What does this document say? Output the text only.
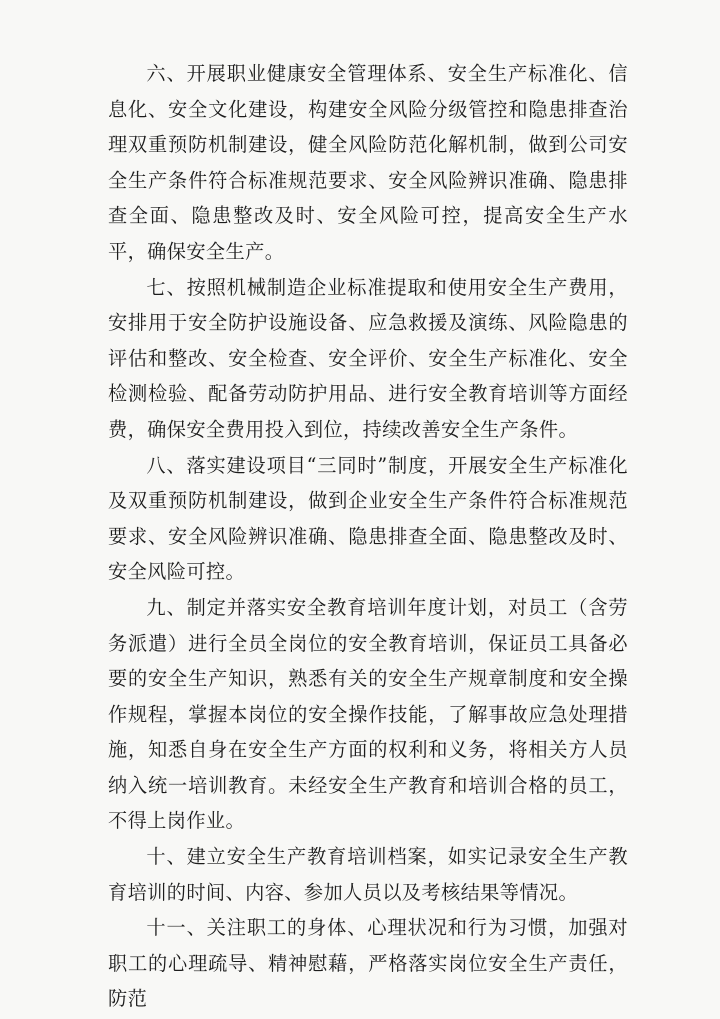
六、开展职业健康安全管理体系、安全生产标准化、信息化、安全文化建设，构建安全风险分级管控和隐患排查治理双重预防机制建设，健全风险防范化解机制，做到公司安全生产条件符合标准规范要求、安全风险辨识准确、隐患排查全面、隐患整改及时、安全风险可控，提高安全生产水平，确保安全生产。

七、按照机械制造企业标准提取和使用安全生产费用，安排用于安全防护设施设备、应急救援及演练、风险隐患的评估和整改、安全检查、安全评价、安全生产标准化、安全检测检验、配备劳动防护用品、进行安全教育培训等方面经费，确保安全费用投入到位，持续改善安全生产条件。

八、落实建设项目“三同时”制度，开展安全生产标准化及双重预防机制建设，做到企业安全生产条件符合标准规范要求、安全风险辨识准确、隐患排查全面、隐患整改及时、安全风险可控。

九、制定并落实安全教育培训年度计划，对员工（含劳务派遣）进行全员全岗位的安全教育培训，保证员工具备必要的安全生产知识，熟悉有关的安全生产规章制度和安全操作规程，掌握本岗位的安全操作技能，了解事故应急处理措施，知悉自身在安全生产方面的权利和义务，将相关方人员纳入统一培训教育。未经安全生产教育和培训合格的员工，不得上岗作业。

十、建立安全生产教育培训档案，如实记录安全生产教育培训的时间、内容、参加人员以及考核结果等情况。

十一、关注职工的身体、心理状况和行为习惯，加强对职工的心理疏导、精神慰藉，严格落实岗位安全生产责任，防范
